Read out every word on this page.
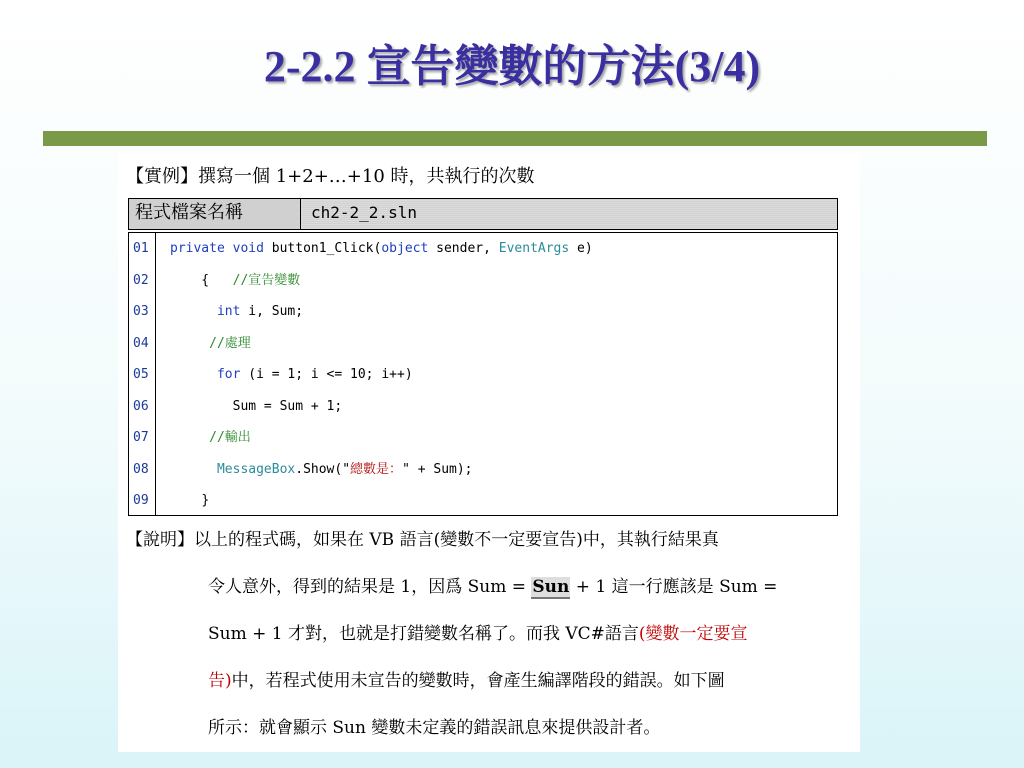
2-2.2 宣告變數的方法(3/4)
【實例】撰寫一個 1+2+…+10 時，共執行的次數
程式檔案名稱	ch2-2_2.sln
01
02
03
04
05
06
07
08
09
private void button1_Click(object sender, EventArgs e)
{   //宣告變數
int i, Sum;
//處理
for (i = 1; i <= 10; i++)
Sum = Sum + 1;
//輸出
MessageBox.Show("總數是：" + Sum);
}
【說明】以上的程式碼，如果在 VB 語言(變數不一定要宣告)中，其執行結果真
令人意外，得到的結果是 1，因爲 Sum = Sun + 1 這一行應該是 Sum =
Sum + 1 才對，也就是打錯變數名稱了。而我 VC#語言(變數一定要宣
告)中，若程式使用未宣告的變數時，會產生編譯階段的錯誤。如下圖
所示：就會顯示 Sun 變數未定義的錯誤訊息來提供設計者。
